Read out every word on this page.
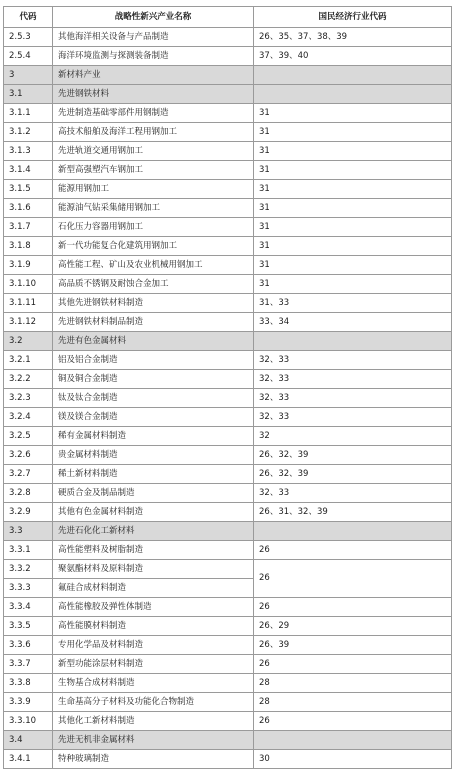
代码	战略性新兴产业名称	国民经济行业代码
2.5.3	其他海洋相关设备与产品制造	26、35、37、38、39
2.5.4	海洋环境监测与探测装备制造	37、39、40
3	新材料产业	
3.1	先进钢铁材料	
3.1.1	先进制造基础零部件用钢制造	31
3.1.2	高技术船舶及海洋工程用钢加工	31
3.1.3	先进轨道交通用钢加工	31
3.1.4	新型高强塑汽车钢加工	31
3.1.5	能源用钢加工	31
3.1.6	能源油气钻采集储用钢加工	31
3.1.7	石化压力容器用钢加工	31
3.1.8	新一代功能复合化建筑用钢加工	31
3.1.9	高性能工程、矿山及农业机械用钢加工	31
3.1.10	高品质不锈钢及耐蚀合金加工	31
3.1.11	其他先进钢铁材料制造	31、33
3.1.12	先进钢铁材料制品制造	33、34
3.2	先进有色金属材料	
3.2.1	铝及铝合金制造	32、33
3.2.2	铜及铜合金制造	32、33
3.2.3	钛及钛合金制造	32、33
3.2.4	镁及镁合金制造	32、33
3.2.5	稀有金属材料制造	32
3.2.6	贵金属材料制造	26、32、39
3.2.7	稀土新材料制造	26、32、39
3.2.8	硬质合金及制品制造	32、33
3.2.9	其他有色金属材料制造	26、31、32、39
3.3	先进石化化工新材料	
3.3.1	高性能塑料及树脂制造	26
3.3.2	聚氨酯材料及原料制造	26
3.3.3	氟硅合成材料制造	
3.3.4	高性能橡胶及弹性体制造	26
3.3.5	高性能膜材料制造	26、29
3.3.6	专用化学品及材料制造	26、39
3.3.7	新型功能涂层材料制造	26
3.3.8	生物基合成材料制造	28
3.3.9	生命基高分子材料及功能化合物制造	28
3.3.10	其他化工新材料制造	26
3.4	先进无机非金属材料	
3.4.1	特种玻璃制造	30
